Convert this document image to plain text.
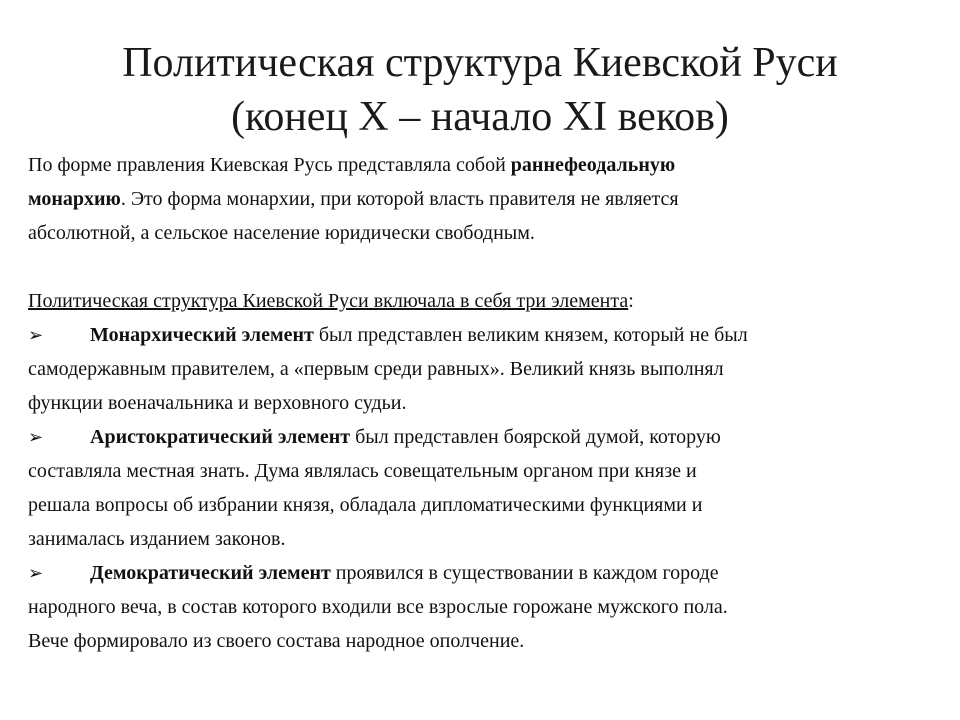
Политическая структура Киевской Руси
(конец X – начало XI веков)

По форме правления Киевская Русь представляла собой раннефеодальную

монархию. Это форма монархии, при которой власть правителя не является

абсолютной, а сельское население юридически свободным.

Политическая структура Киевской Руси включала в себя три элемента:

➢ Монархический элемент был представлен великим князем, который не был

самодержавным правителем, а «первым среди равных». Великий князь выполнял

функции военачальника и верховного судьи.

➢ Аристократический элемент был представлен боярской думой, которую

составляла местная знать. Дума являлась совещательным органом при князе и

решала вопросы об избрании князя, обладала дипломатическими функциями и

занималась изданием законов.

➢ Демократический элемент проявился в существовании в каждом городе

народного веча, в состав которого входили все взрослые горожане мужского пола.

Вече формировало из своего состава народное ополчение.
